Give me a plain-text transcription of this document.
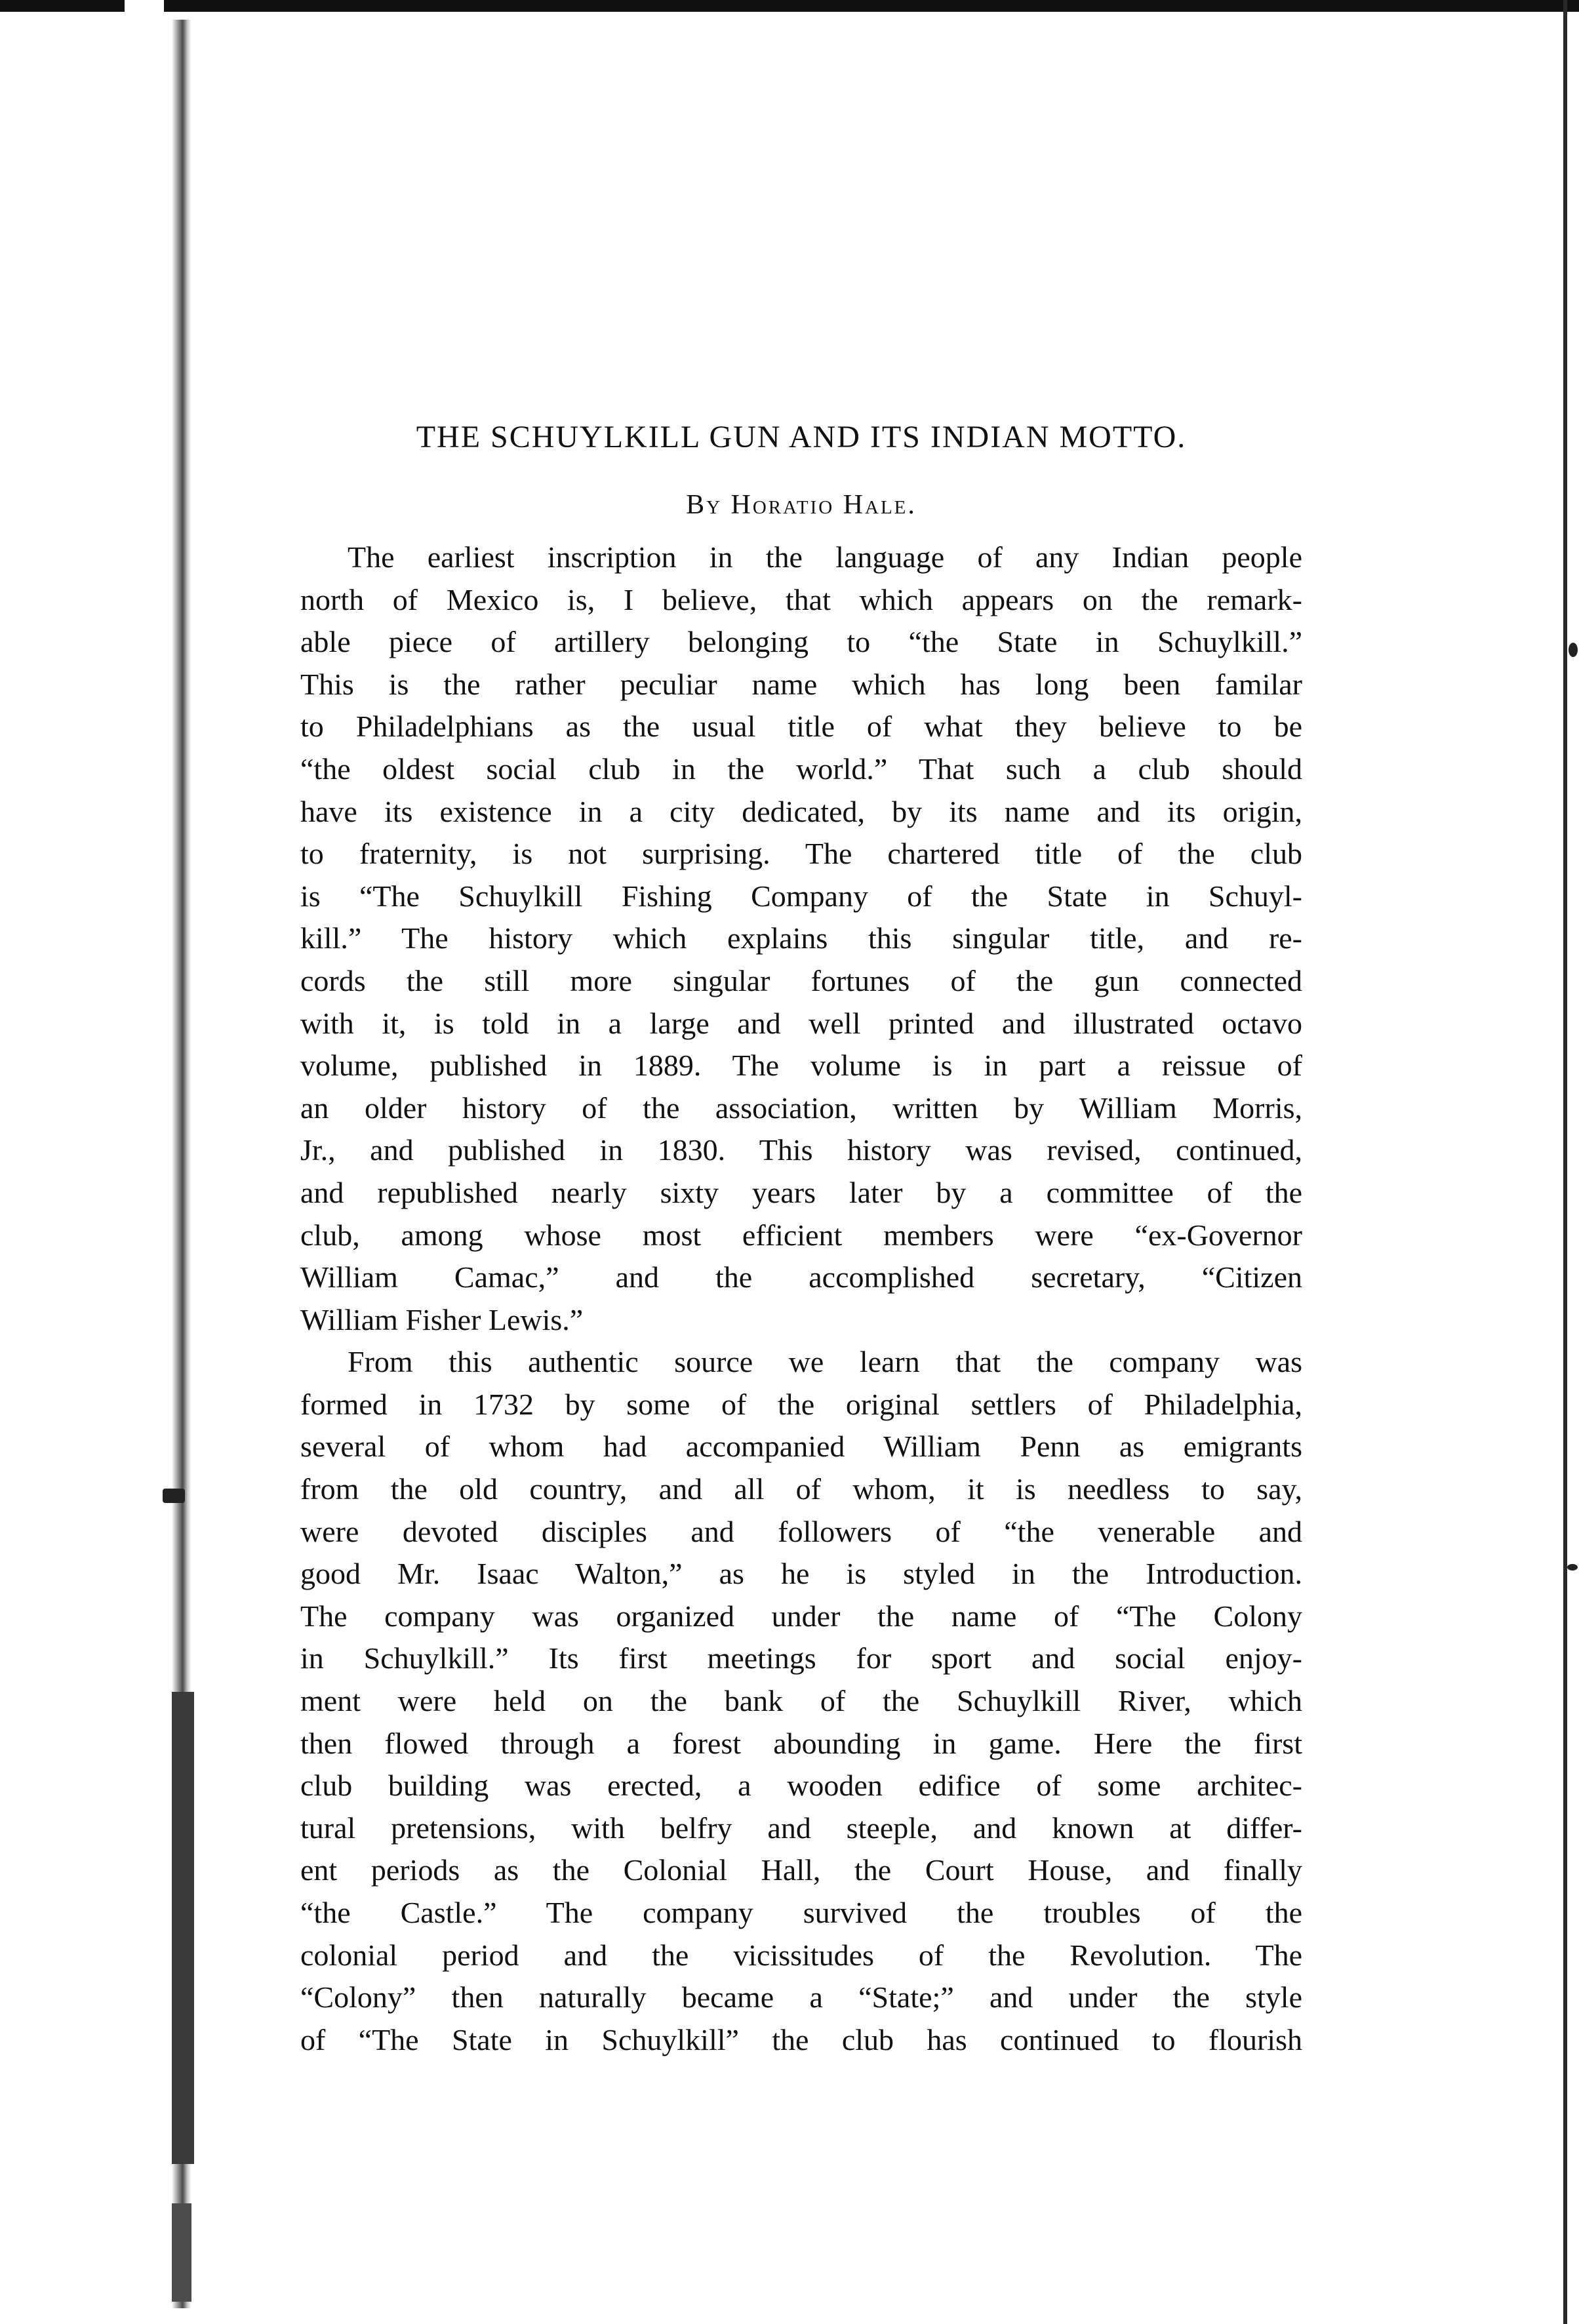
THE SCHUYLKILL GUN AND ITS INDIAN MOTTO.
By Horatio Hale.
The earliest inscription in the language of any Indian people
north of Mexico is, I believe, that which appears on the remark-
able piece of artillery belonging to “the State in Schuylkill.”
This is the rather peculiar name which has long been familar
to Philadelphians as the usual title of what they believe to be
“the oldest social club in the world.” That such a club should
have its existence in a city dedicated, by its name and its origin,
to fraternity, is not surprising. The chartered title of the club
is “The Schuylkill Fishing Company of the State in Schuyl-
kill.” The history which explains this singular title, and re-
cords the still more singular fortunes of the gun connected
with it, is told in a large and well printed and illustrated octavo
volume, published in 1889. The volume is in part a reissue of
an older history of the association, written by William Morris,
Jr., and published in 1830. This history was revised, continued,
and republished nearly sixty years later by a committee of the
club, among whose most efficient members were “ex-Governor
William Camac,” and the accomplished secretary, “Citizen
William Fisher Lewis.”
From this authentic source we learn that the company was
formed in 1732 by some of the original settlers of Philadelphia,
several of whom had accompanied William Penn as emigrants
from the old country, and all of whom, it is needless to say,
were devoted disciples and followers of “the venerable and
good Mr. Isaac Walton,” as he is styled in the Introduction.
The company was organized under the name of “The Colony
in Schuylkill.” Its first meetings for sport and social enjoy-
ment were held on the bank of the Schuylkill River, which
then flowed through a forest abounding in game. Here the first
club building was erected, a wooden edifice of some architec-
tural pretensions, with belfry and steeple, and known at differ-
ent periods as the Colonial Hall, the Court House, and finally
“the Castle.” The company survived the troubles of the
colonial period and the vicissitudes of the Revolution. The
“Colony” then naturally became a “State;” and under the style
of “The State in Schuylkill” the club has continued to flourish
